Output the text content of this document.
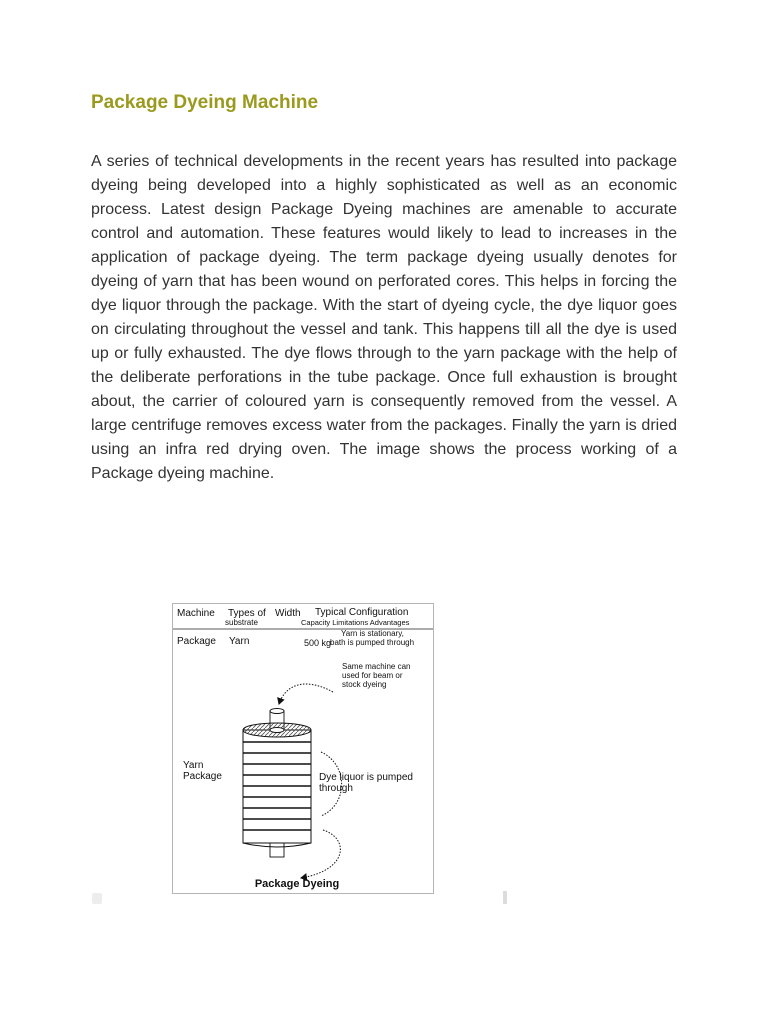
Package Dyeing Machine

A series of technical developments in the recent years has resulted into package dyeing being developed into a highly sophisticated as well as an economic process. Latest design Package Dyeing machines are amenable to accurate control and automation. These features would likely to lead to increases in the application of package dyeing. The term package dyeing usually denotes for dyeing of yarn that has been wound on perforated cores. This helps in forcing the dye liquor through the package. With the start of dyeing cycle, the dye liquor goes on circulating throughout the vessel and tank. This happens till all the dye is used up or fully exhausted. The dye flows through to the yarn package with the help of the deliberate perforations in the tube package. Once full exhaustion is brought about, the carrier of coloured yarn is consequently removed from the vessel. A large centrifuge removes excess water from the packages. Finally the yarn is dried using an infra red drying oven. The image shows the process working of a Package dyeing machine.

Machine Types of
substrate
Width Typical Configuration
Capacity Limitations Advantages
Package Yarn	500 kg
Yarn is stationary,
bath is pumped through
Same machine can
used for beam or
stock dyeing
Yarn
Package	Dye liquor is pumped
through
Package Dyeing
